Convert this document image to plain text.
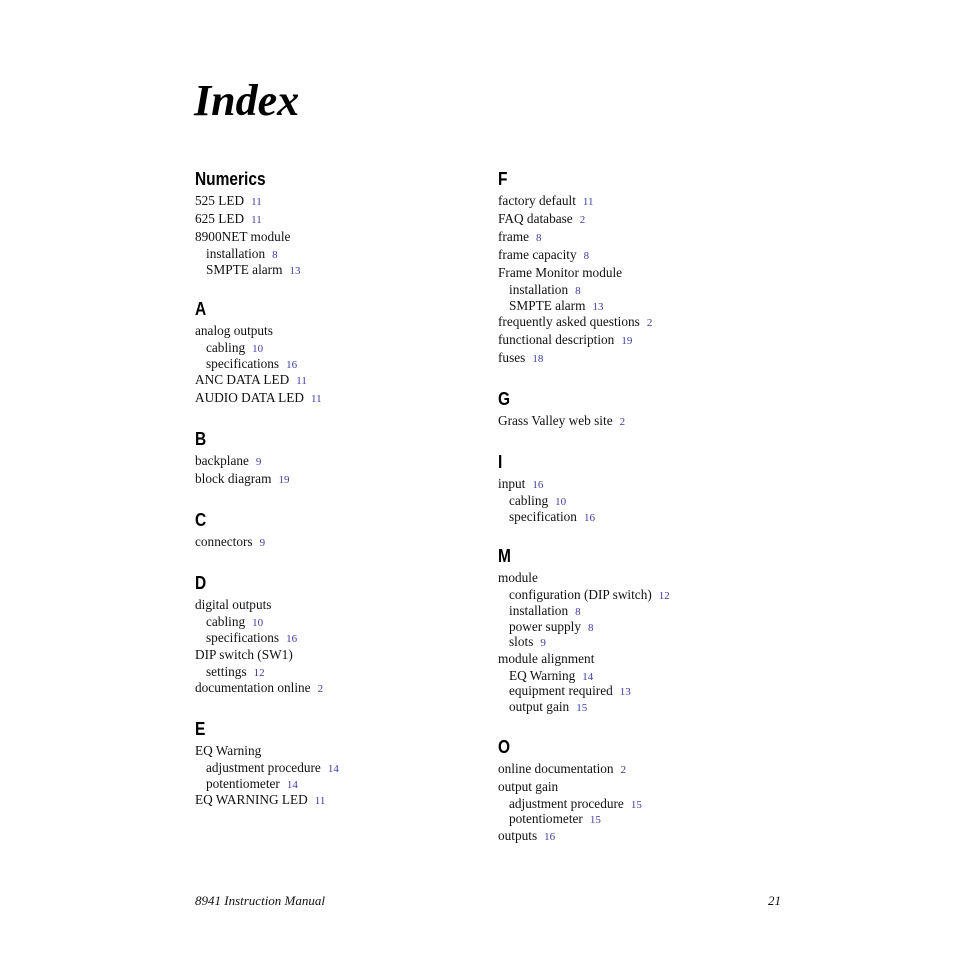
Index
Numerics
525 LED 11
625 LED 11
8900NET module
installation 8
SMPTE alarm 13
A
analog outputs
cabling 10
specifications 16
ANC DATA LED 11
AUDIO DATA LED 11
B
backplane 9
block diagram 19
C
connectors 9
D
digital outputs
cabling 10
specifications 16
DIP switch (SW1)
settings 12
documentation online 2
E
EQ Warning
adjustment procedure 14
potentiometer 14
EQ WARNING LED 11
F
factory default 11
FAQ database 2
frame 8
frame capacity 8
Frame Monitor module
installation 8
SMPTE alarm 13
frequently asked questions 2
functional description 19
fuses 18
G
Grass Valley web site 2
I
input 16
cabling 10
specification 16
M
module
configuration (DIP switch) 12
installation 8
power supply 8
slots 9
module alignment
EQ Warning 14
equipment required 13
output gain 15
O
online documentation 2
output gain
adjustment procedure 15
potentiometer 15
outputs 16
8941 Instruction Manual	21
